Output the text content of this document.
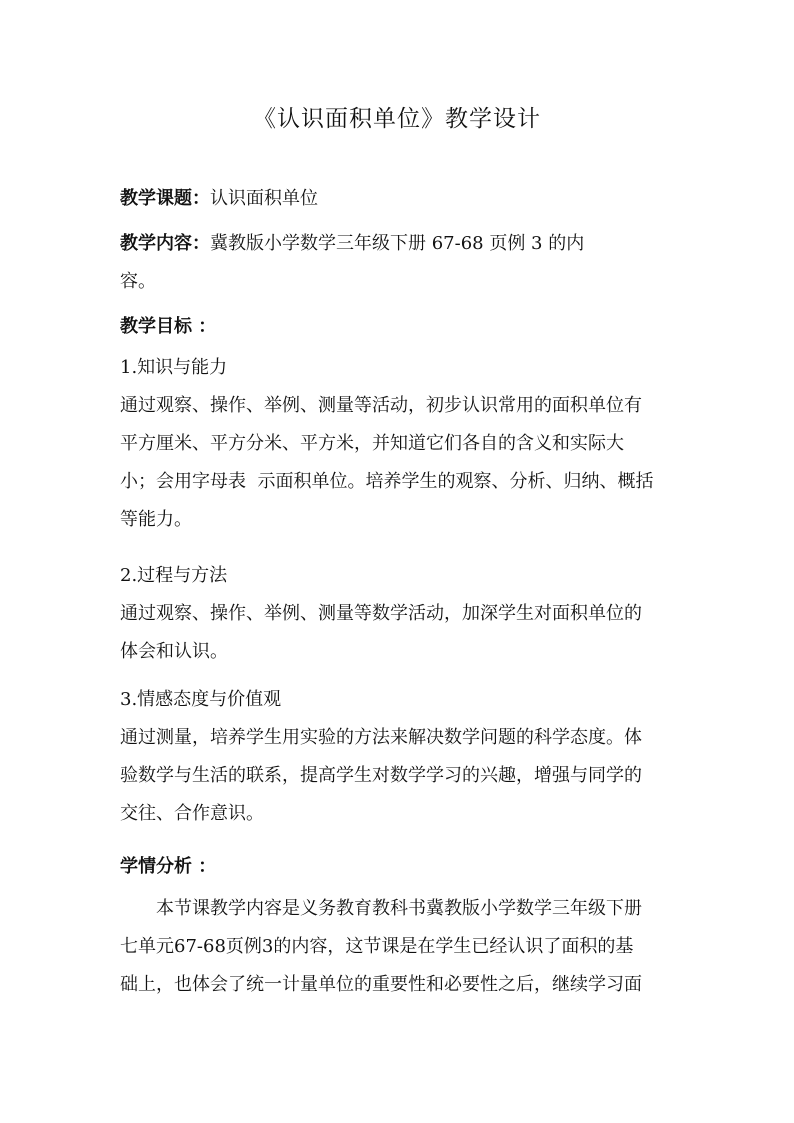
《认识面积单位》教学设计
教学课题：认识面积单位
教学内容：冀教版小学数学三年级下册 67-68 页例 3 的内
容。
教学目标 ：
1.知识与能力
通过观察、操作、举例、测量等活动，初步认识常用的面积单位有
平方厘米、平方分米、平方米，并知道它们各自的含义和实际大
小；会用字母表  示面积单位。培养学生的观察、分析、归纳、概括
等能力。
2.过程与方法
通过观察、操作、举例、测量等数学活动，加深学生对面积单位的
体会和认识。
3.情感态度与价值观
通过测量，培养学生用实验的方法来解决数学问题的科学态度。体
验数学与生活的联系，提高学生对数学学习的兴趣，增强与同学的
交往、合作意识。
学情分析 ：
本节课教学内容是义务教育教科书冀教版小学数学三年级下册
七单元67-68页例3的内容，这节课是在学生已经认识了面积的基
础上，也体会了统一计量单位的重要性和必要性之后，继续学习面
